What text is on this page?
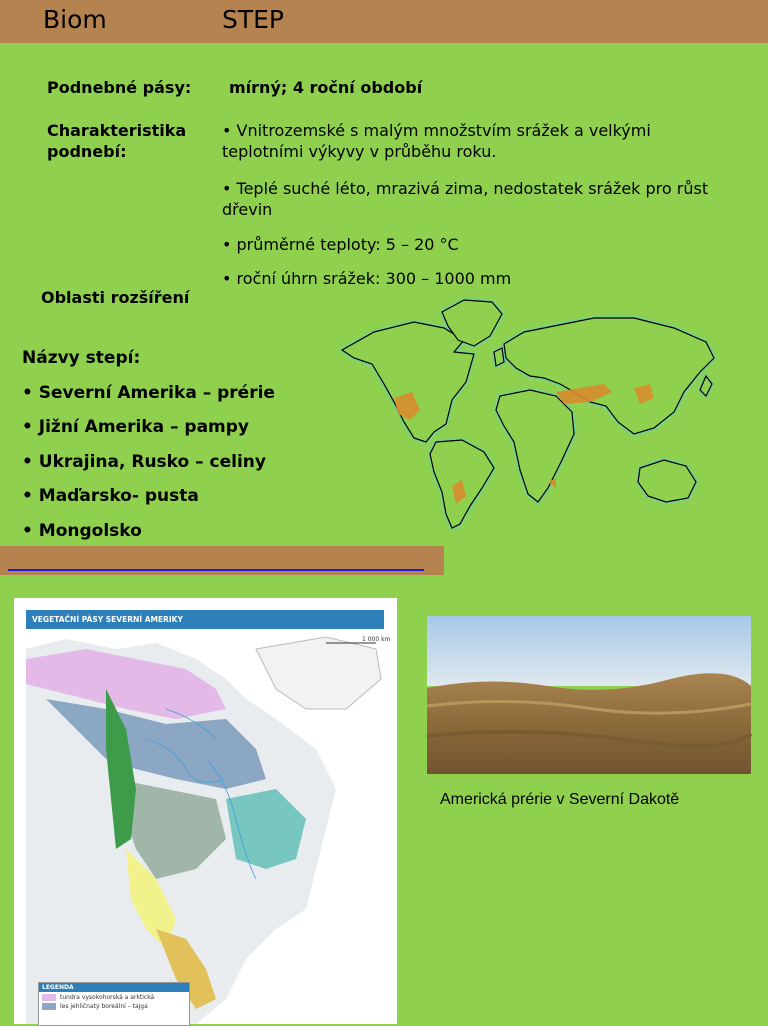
Biom	STEP
Podnebné pásy: mírný; 4 roční období
Charakteristika
podnebí:
• Vnitrozemské s malým množstvím srážek a velkými
teplotními výkyvy v průběhu roku.
• Teplé suché léto, mrazivá zima, nedostatek srážek pro růst
dřevin
• průměrné teploty: 5 – 20 °C
• roční úhrn srážek: 300 – 1000 mm
Oblasti rozšíření
Názvy stepí:
• Severní Amerika – prérie
• Jižní Amerika – pampy
• Ukrajina, Rusko – celiny
• Maďarsko- pusta
• Mongolsko
VEGETAČNÍ PÁSY SEVERNÍ AMERIKY
1 000 km
LEGENDA
tundra vysokohorská a arktická
les jehličnatý boreální – tajga
Americká prérie v Severní Dakotě
